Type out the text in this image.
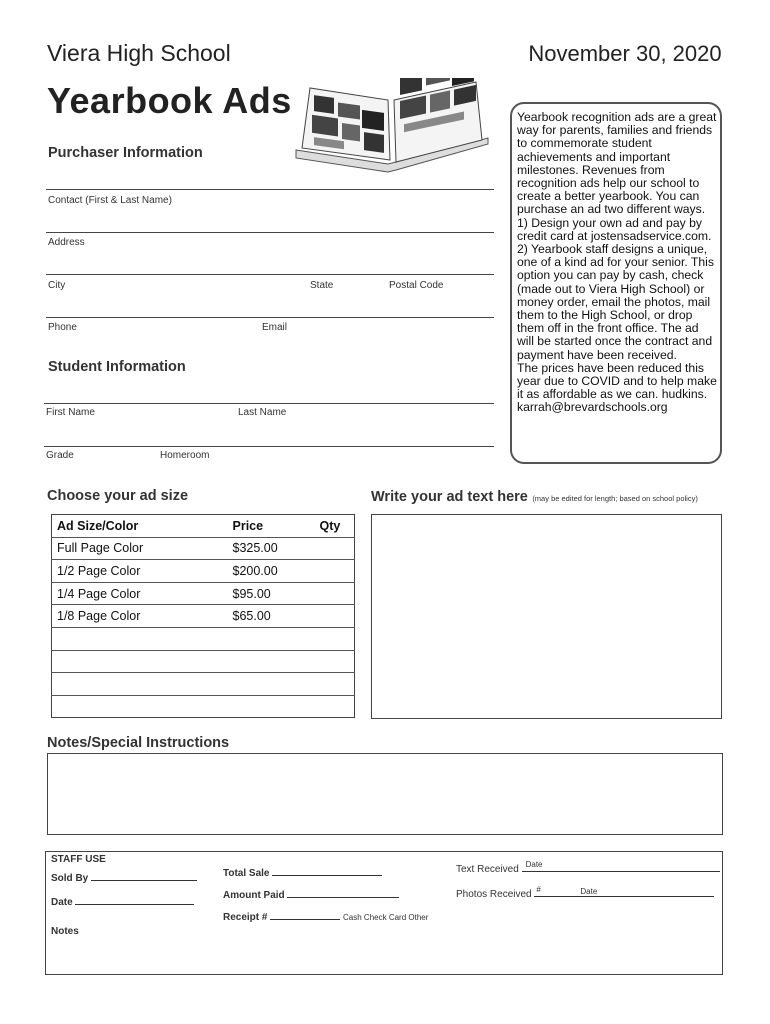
Viera High School	November 30, 2020
Yearbook Ads	Yearbook recognition ads are a great way for parents, families and friends to commemorate student achievements and important milestones. Revenues from recognition ads help our school to create a better yearbook. You can purchase an ad two different ways. 1) Design your own ad and pay by credit card at jostensadservice.com. 2) Yearbook staff designs a unique, one of a kind ad for your senior. This option you can pay by cash, check (made out to Viera High School) or money order, email the photos, mail them to the High School, or drop them off in the front office. The ad will be started once the contract and payment have been received.
The prices have been reduced this year due to COVID and to help make it as affordable as we can. hudkins.
karrah@brevardschools.org
Purchaser Information
Contact (First & Last Name)
Address
City	State	Postal Code
Phone	Email
Student Information
First Name	Last Name
Grade	Homeroom
Choose your ad size	Write your ad text here (may be edited for length; based on school policy)
Ad Size/Color	Price	Qty
Full Page Color	$325.00	
1/2 Page Color	$200.00	
1/4 Page Color	$95.00	
1/8 Page Color	$65.00	

Notes/Special Instructions
STAFF USE
Sold By
Date
Notes
Total Sale
Amount Paid
Receipt #	Cash Check Card Other
Text Received Date
Photos Received #	Date
